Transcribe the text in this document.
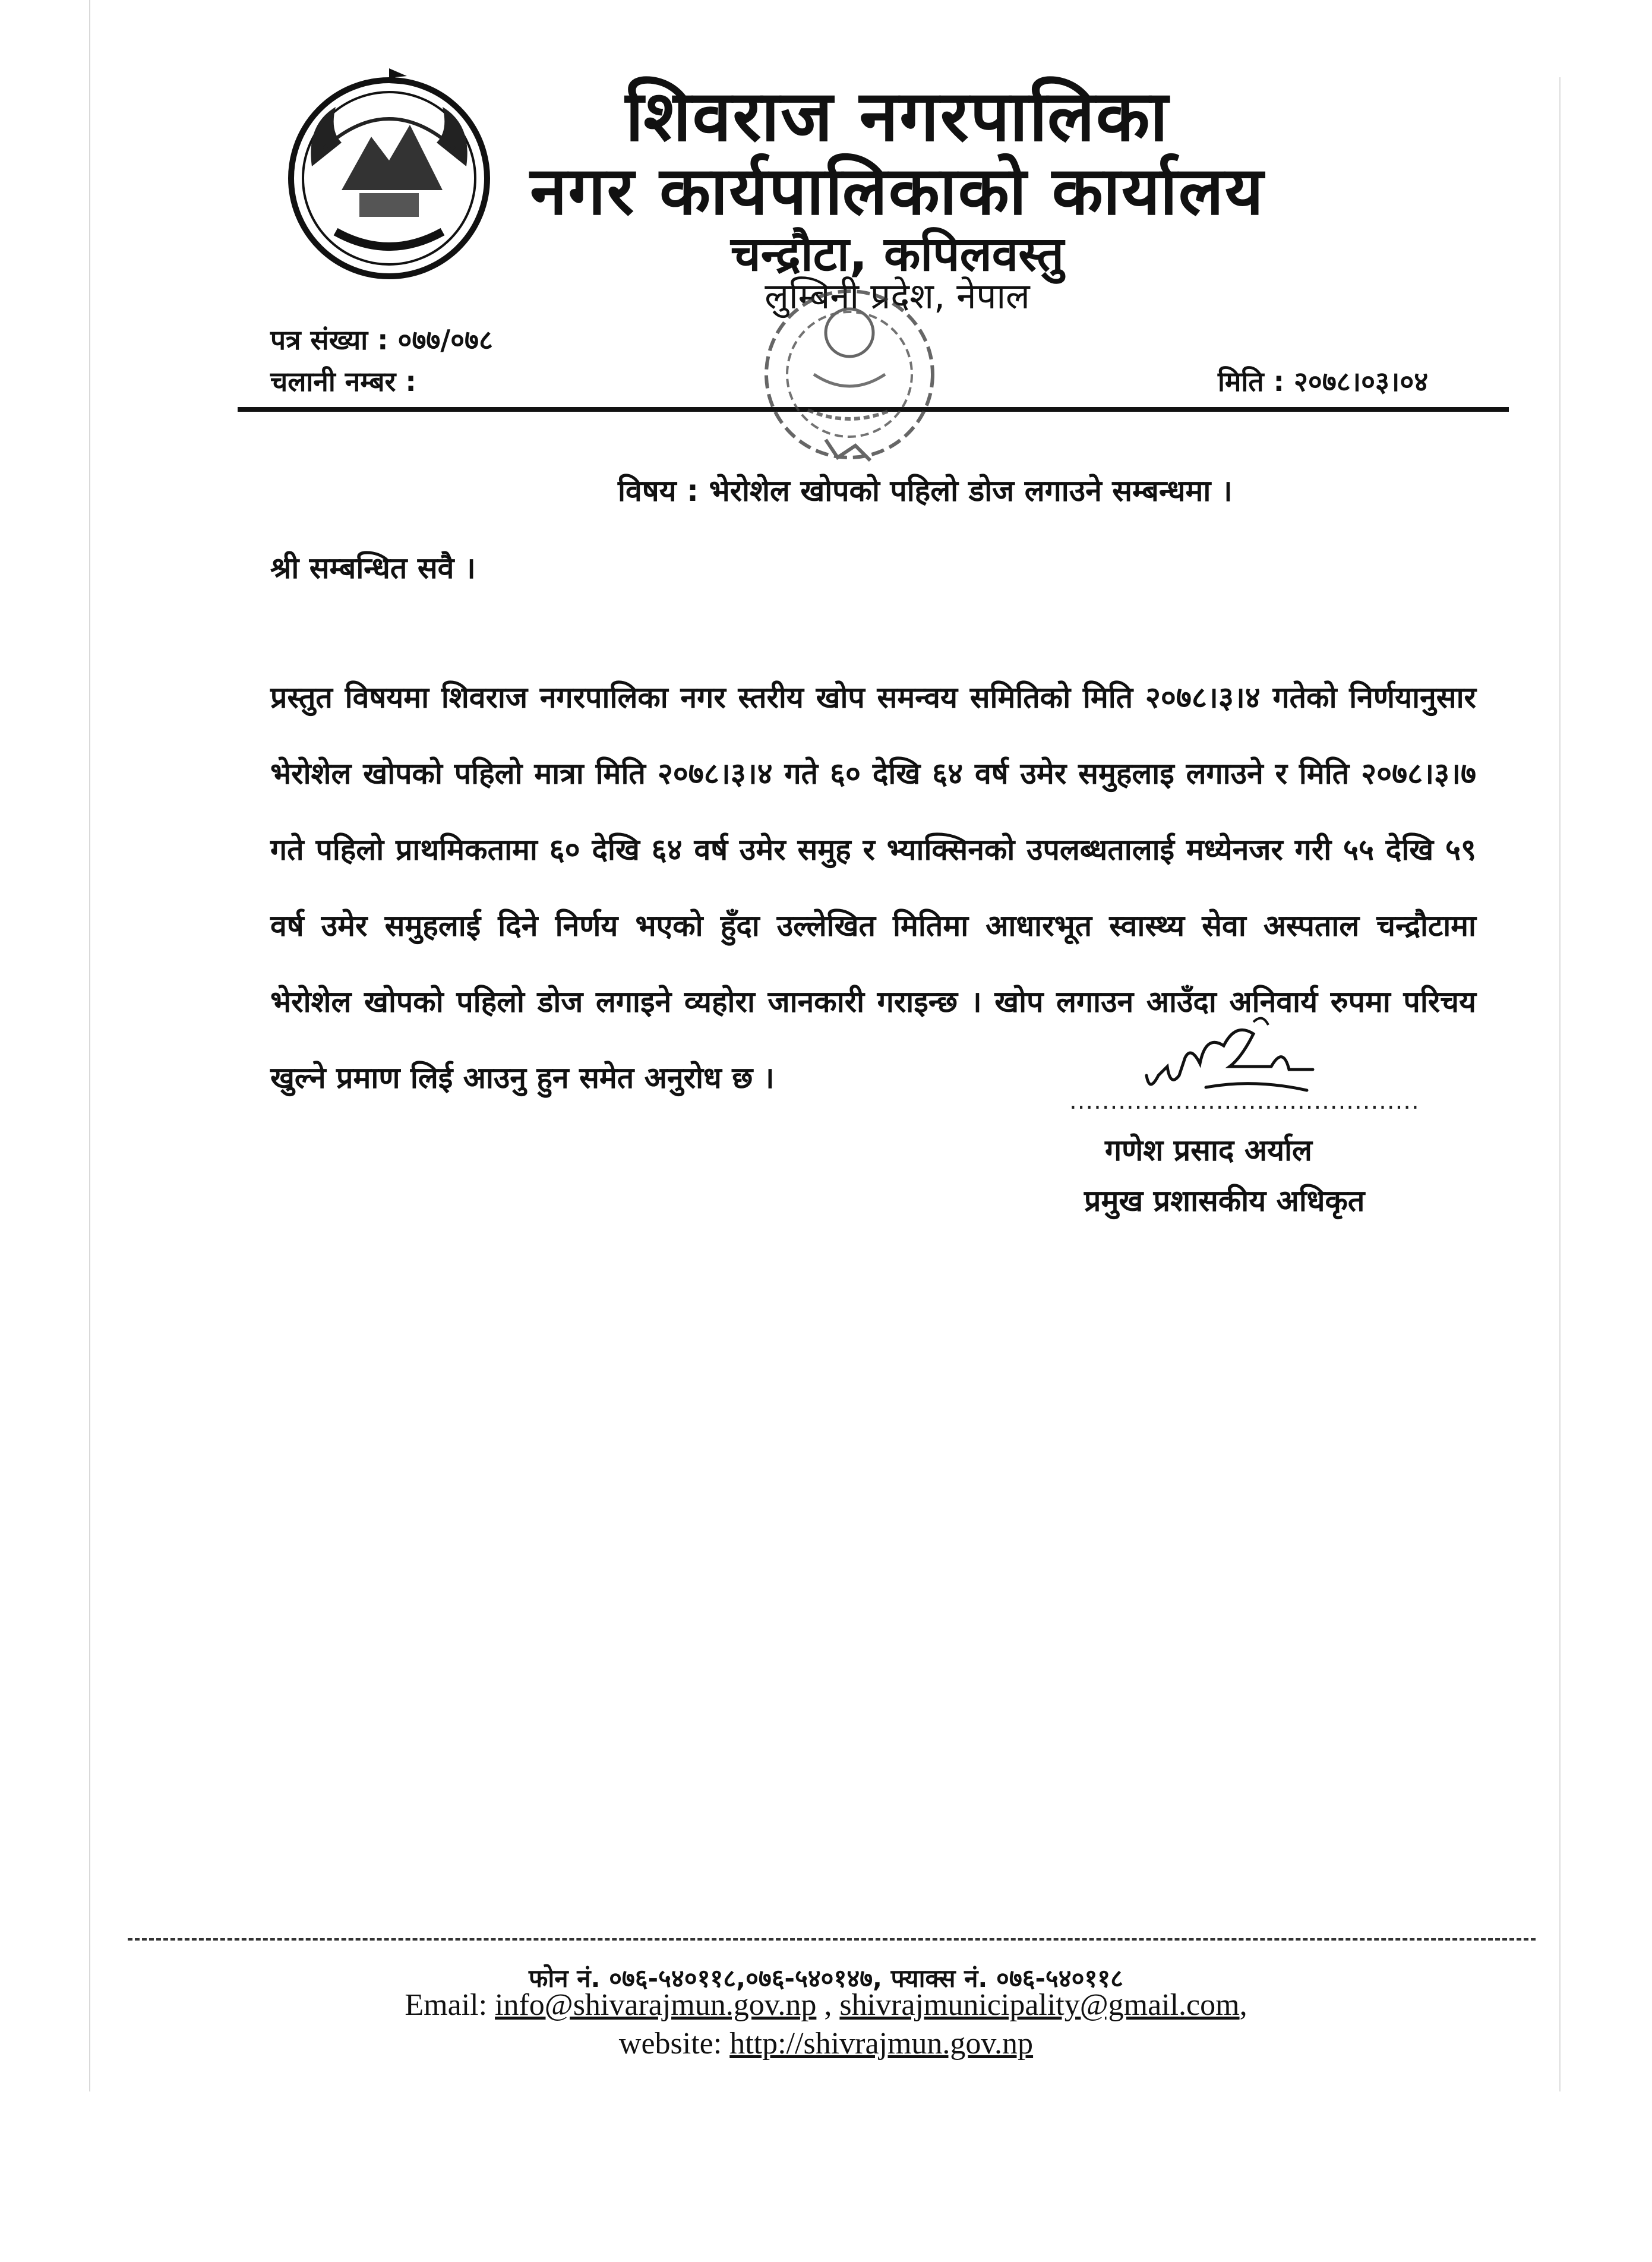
शिवराज नगरपालिका
नगर कार्यपालिकाको कार्यालय
चन्द्रौटा, कपिलवस्तु
लुम्बिनी प्रदेश, नेपाल
पत्र संख्या : ०७७/०७८
चलानी नम्बर :	मिति : २०७८।०३।०४
विषय : भेरोशेल खोपको पहिलो डोज लगाउने सम्बन्धमा ।
श्री सम्बन्धित सवै ।
प्रस्तुत विषयमा शिवराज नगरपालिका नगर स्तरीय खोप समन्वय समितिको मिति २०७८।३।४ गतेको निर्णयानुसार भेरोशेल खोपको पहिलो मात्रा मिति २०७८।३।४ गते ६० देखि ६४ वर्ष उमेर समुहलाइ लगाउने र मिति २०७८।३।७ गते पहिलो प्राथमिकतामा ६० देखि ६४ वर्ष उमेर समुह र भ्याक्सिनको उपलब्धतालाई मध्येनजर गरी ५५ देखि ५९ वर्ष उमेर समुहलाई दिने निर्णय भएको हुँदा उल्लेखित मितिमा आधारभूत स्वास्थ्य सेवा अस्पताल चन्द्रौटामा भेरोशेल खोपको पहिलो डोज लगाइने व्यहोरा जानकारी गराइन्छ । खोप लगाउन आउँदा अनिवार्य रुपमा परिचय खुल्ने प्रमाण लिई आउनु हुन समेत अनुरोध छ ।
...........................................
गणेश प्रसाद अर्याल
प्रमुख प्रशासकीय अधिकृत
फोन नं. ०७६-५४०११८,०७६-५४०१४७, फ्याक्स नं. ०७६-५४०११८
Email: info@shivarajmun.gov.np , shivrajmunicipality@gmail.com,
website: http://shivrajmun.gov.np
